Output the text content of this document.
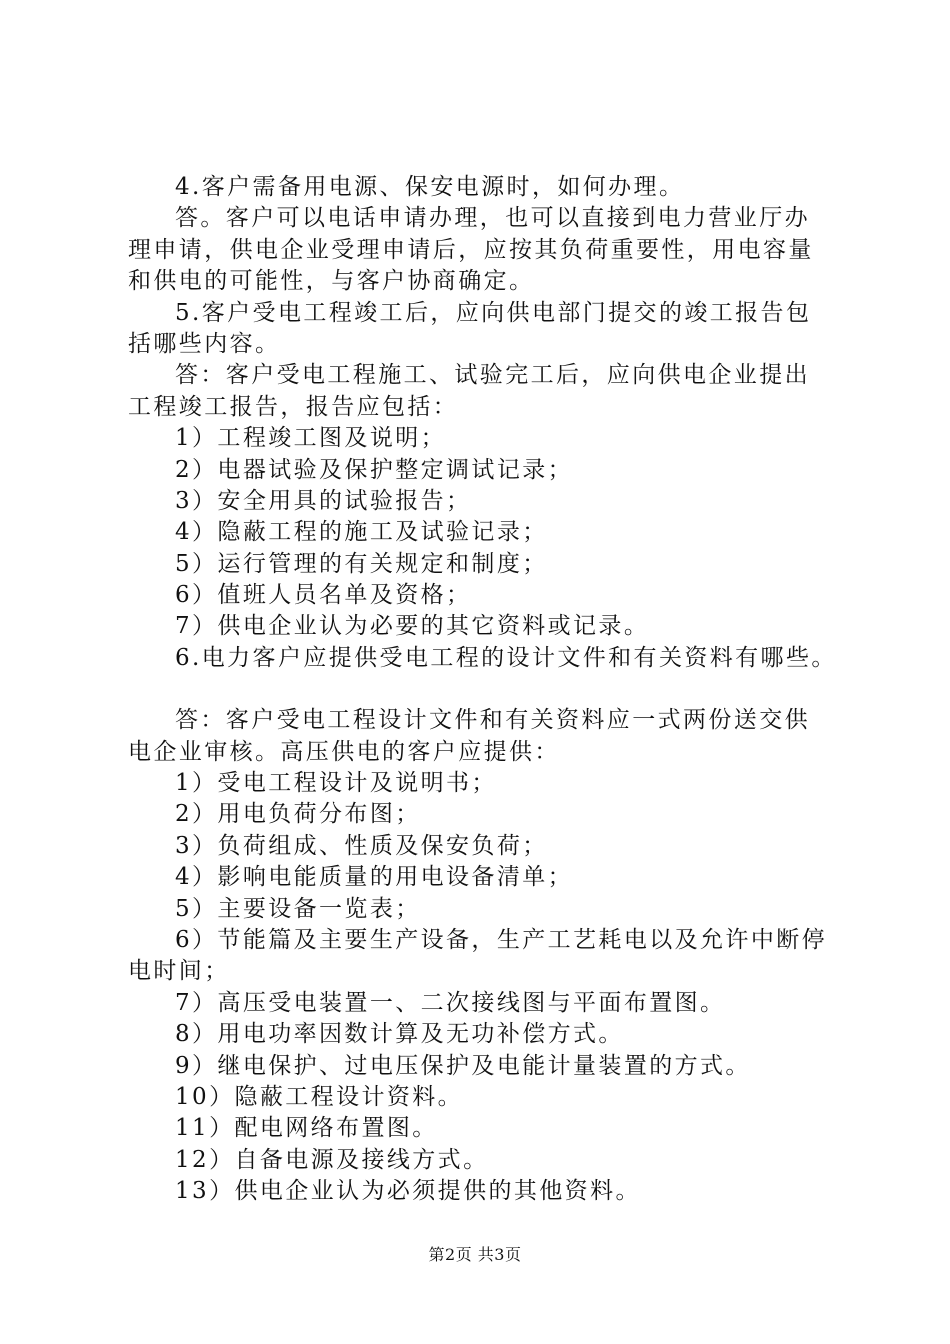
4.客户需备用电源、保安电源时，如何办理。
答。客户可以电话申请办理，也可以直接到电力营业厅办
理申请，供电企业受理申请后，应按其负荷重要性，用电容量
和供电的可能性，与客户协商确定。
5.客户受电工程竣工后，应向供电部门提交的竣工报告包
括哪些内容。
答：客户受电工程施工、试验完工后，应向供电企业提出
工程竣工报告，报告应包括：
1）工程竣工图及说明；
2）电器试验及保护整定调试记录；
3）安全用具的试验报告；
4）隐蔽工程的施工及试验记录；
5）运行管理的有关规定和制度；
6）值班人员名单及资格；
7）供电企业认为必要的其它资料或记录。
6.电力客户应提供受电工程的设计文件和有关资料有哪些。
答：客户受电工程设计文件和有关资料应一式两份送交供
电企业审核。高压供电的客户应提供：
1）受电工程设计及说明书；
2）用电负荷分布图；
3）负荷组成、性质及保安负荷；
4）影响电能质量的用电设备清单；
5）主要设备一览表；
6）节能篇及主要生产设备，生产工艺耗电以及允许中断停
电时间；
7）高压受电装置一、二次接线图与平面布置图。
8）用电功率因数计算及无功补偿方式。
9）继电保护、过电压保护及电能计量装置的方式。
10）隐蔽工程设计资料。
11）配电网络布置图。
12）自备电源及接线方式。
13）供电企业认为必须提供的其他资料。
第2页 共3页
